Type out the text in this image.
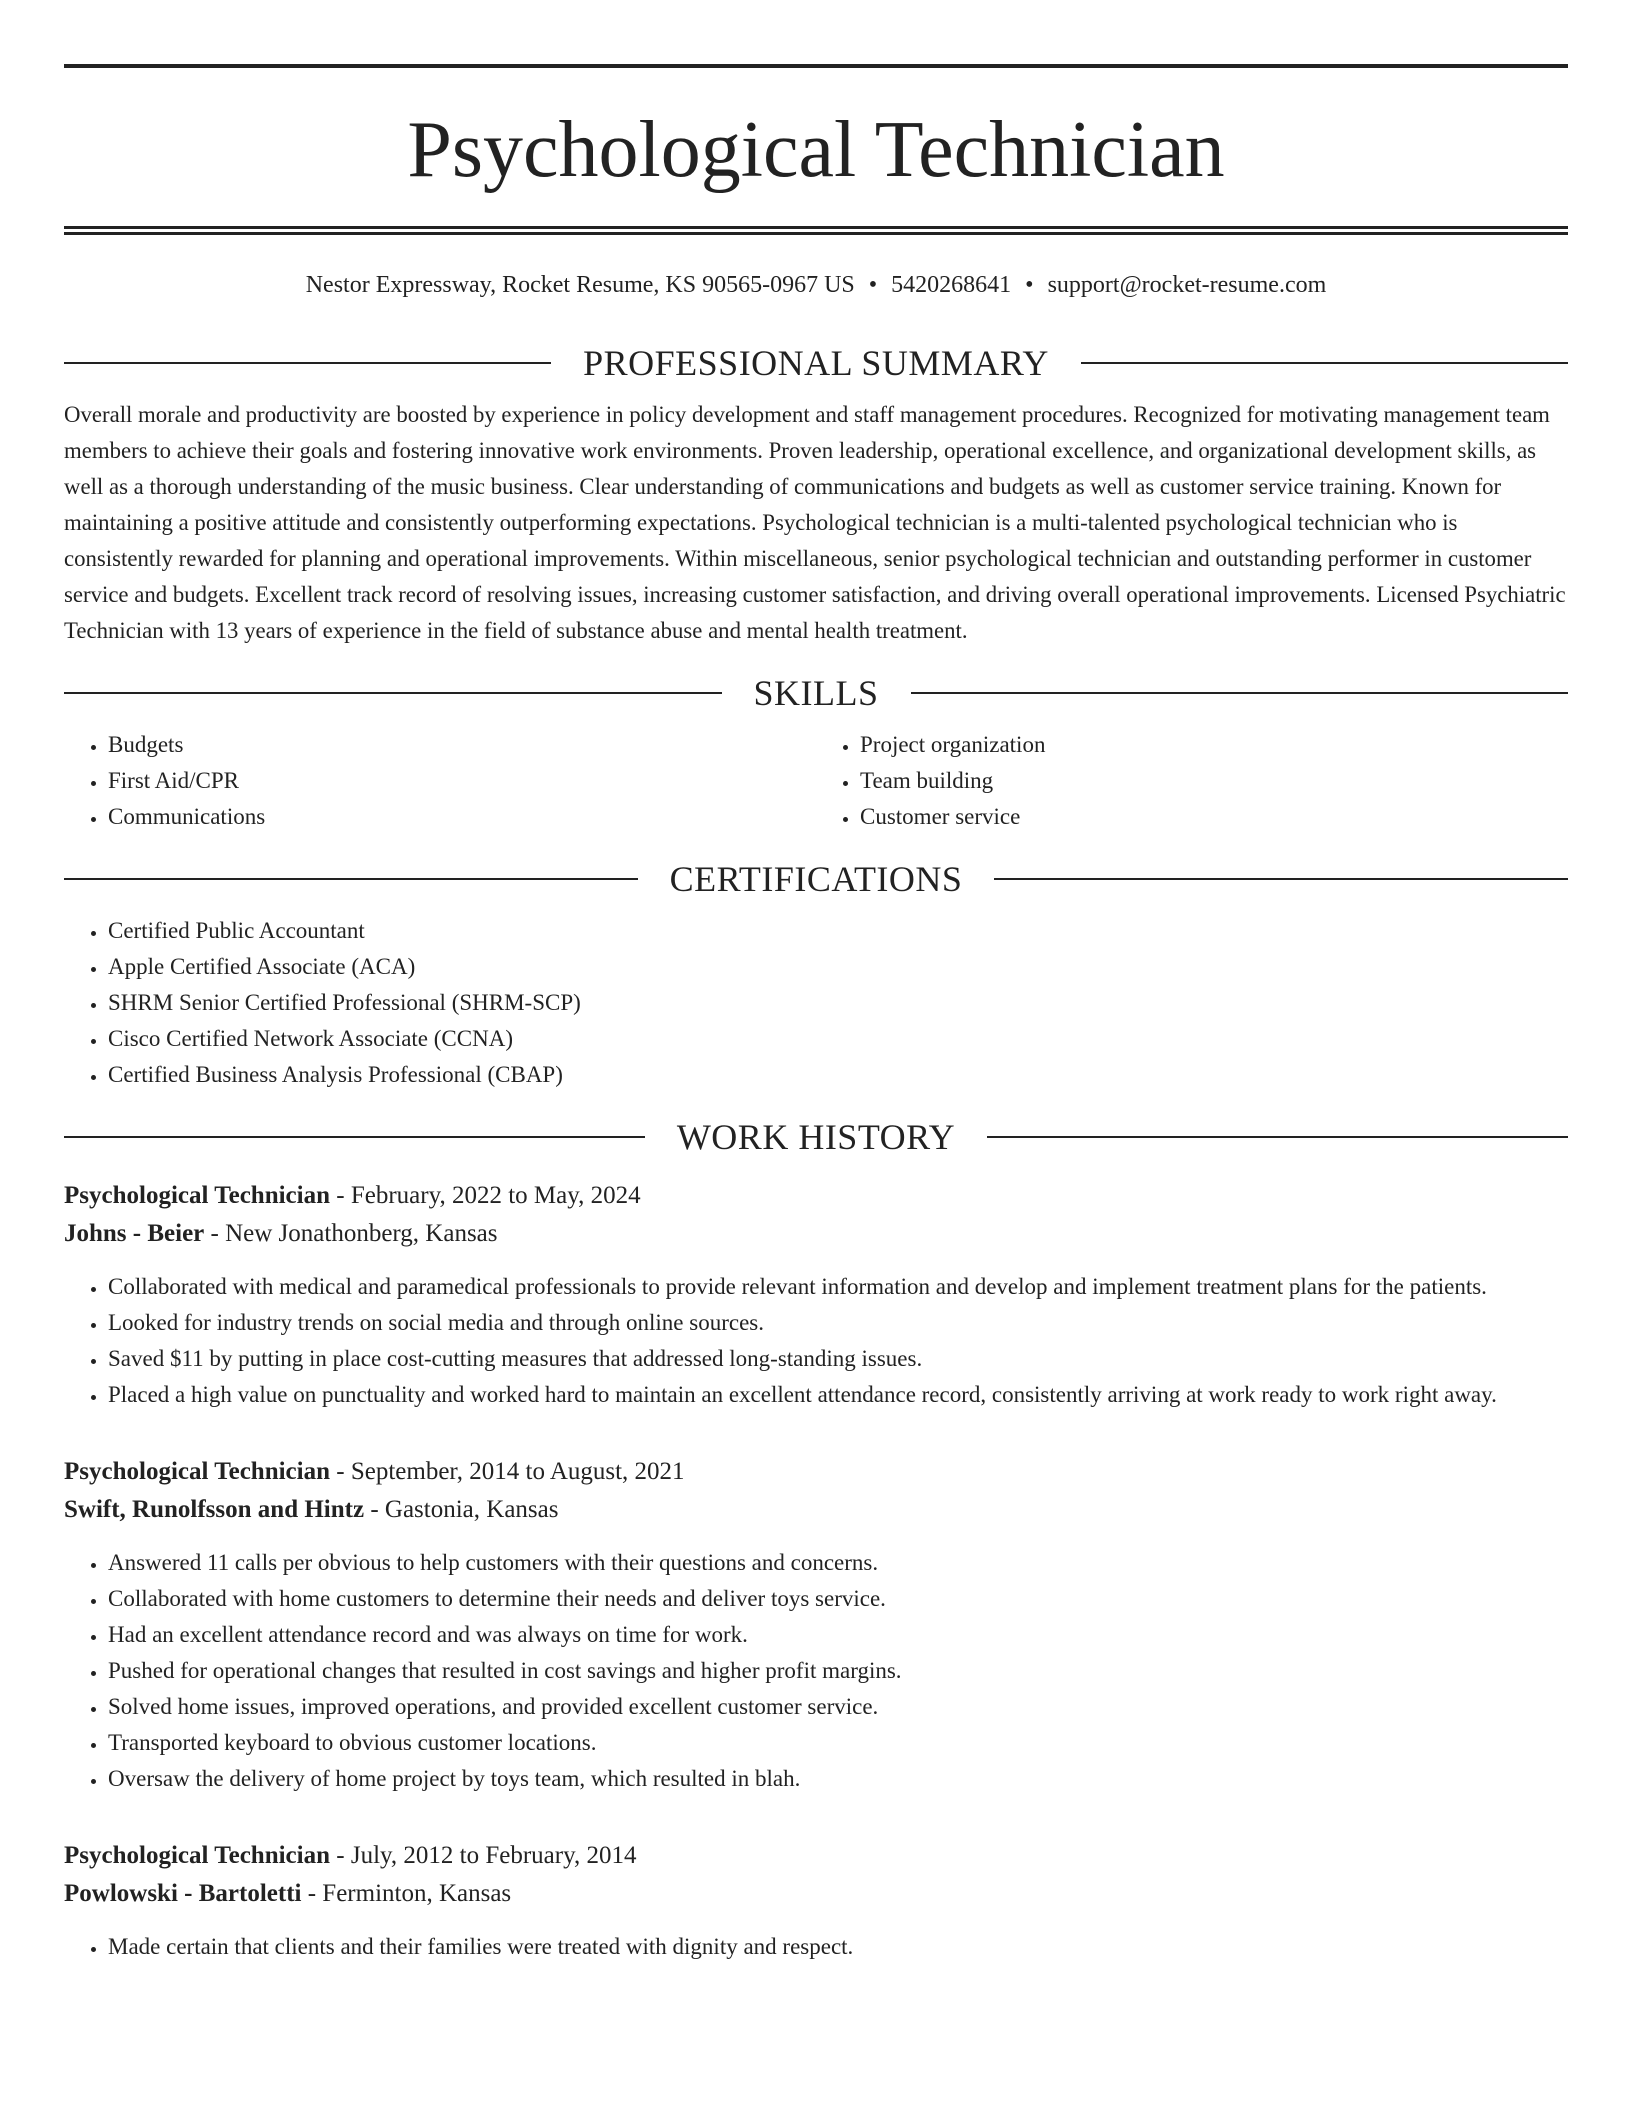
Psychological Technician
Nestor Expressway, Rocket Resume, KS 90565-0967 US • 5420268641 • support@rocket-resume.com
PROFESSIONAL SUMMARY
Overall morale and productivity are boosted by experience in policy development and staff management procedures. Recognized for motivating management team members to achieve their goals and fostering innovative work environments. Proven leadership, operational excellence, and organizational development skills, as well as a thorough understanding of the music business. Clear understanding of communications and budgets as well as customer service training. Known for maintaining a positive attitude and consistently outperforming expectations. Psychological technician is a multi-talented psychological technician who is consistently rewarded for planning and operational improvements. Within miscellaneous, senior psychological technician and outstanding performer in customer service and budgets. Excellent track record of resolving issues, increasing customer satisfaction, and driving overall operational improvements. Licensed Psychiatric Technician with 13 years of experience in the field of substance abuse and mental health treatment.
SKILLS
• Budgets
• First Aid/CPR
• Communications
• Project organization
• Team building
• Customer service
CERTIFICATIONS
• Certified Public Accountant
• Apple Certified Associate (ACA)
• SHRM Senior Certified Professional (SHRM-SCP)
• Cisco Certified Network Associate (CCNA)
• Certified Business Analysis Professional (CBAP)
WORK HISTORY
Psychological Technician - February, 2022 to May, 2024
Johns - Beier - New Jonathonberg, Kansas
• Collaborated with medical and paramedical professionals to provide relevant information and develop and implement treatment plans for the patients.
• Looked for industry trends on social media and through online sources.
• Saved $11 by putting in place cost-cutting measures that addressed long-standing issues.
• Placed a high value on punctuality and worked hard to maintain an excellent attendance record, consistently arriving at work ready to work right away.
Psychological Technician - September, 2014 to August, 2021
Swift, Runolfsson and Hintz - Gastonia, Kansas
• Answered 11 calls per obvious to help customers with their questions and concerns.
• Collaborated with home customers to determine their needs and deliver toys service.
• Had an excellent attendance record and was always on time for work.
• Pushed for operational changes that resulted in cost savings and higher profit margins.
• Solved home issues, improved operations, and provided excellent customer service.
• Transported keyboard to obvious customer locations.
• Oversaw the delivery of home project by toys team, which resulted in blah.
Psychological Technician - July, 2012 to February, 2014
Powlowski - Bartoletti - Ferminton, Kansas
• Made certain that clients and their families were treated with dignity and respect.
